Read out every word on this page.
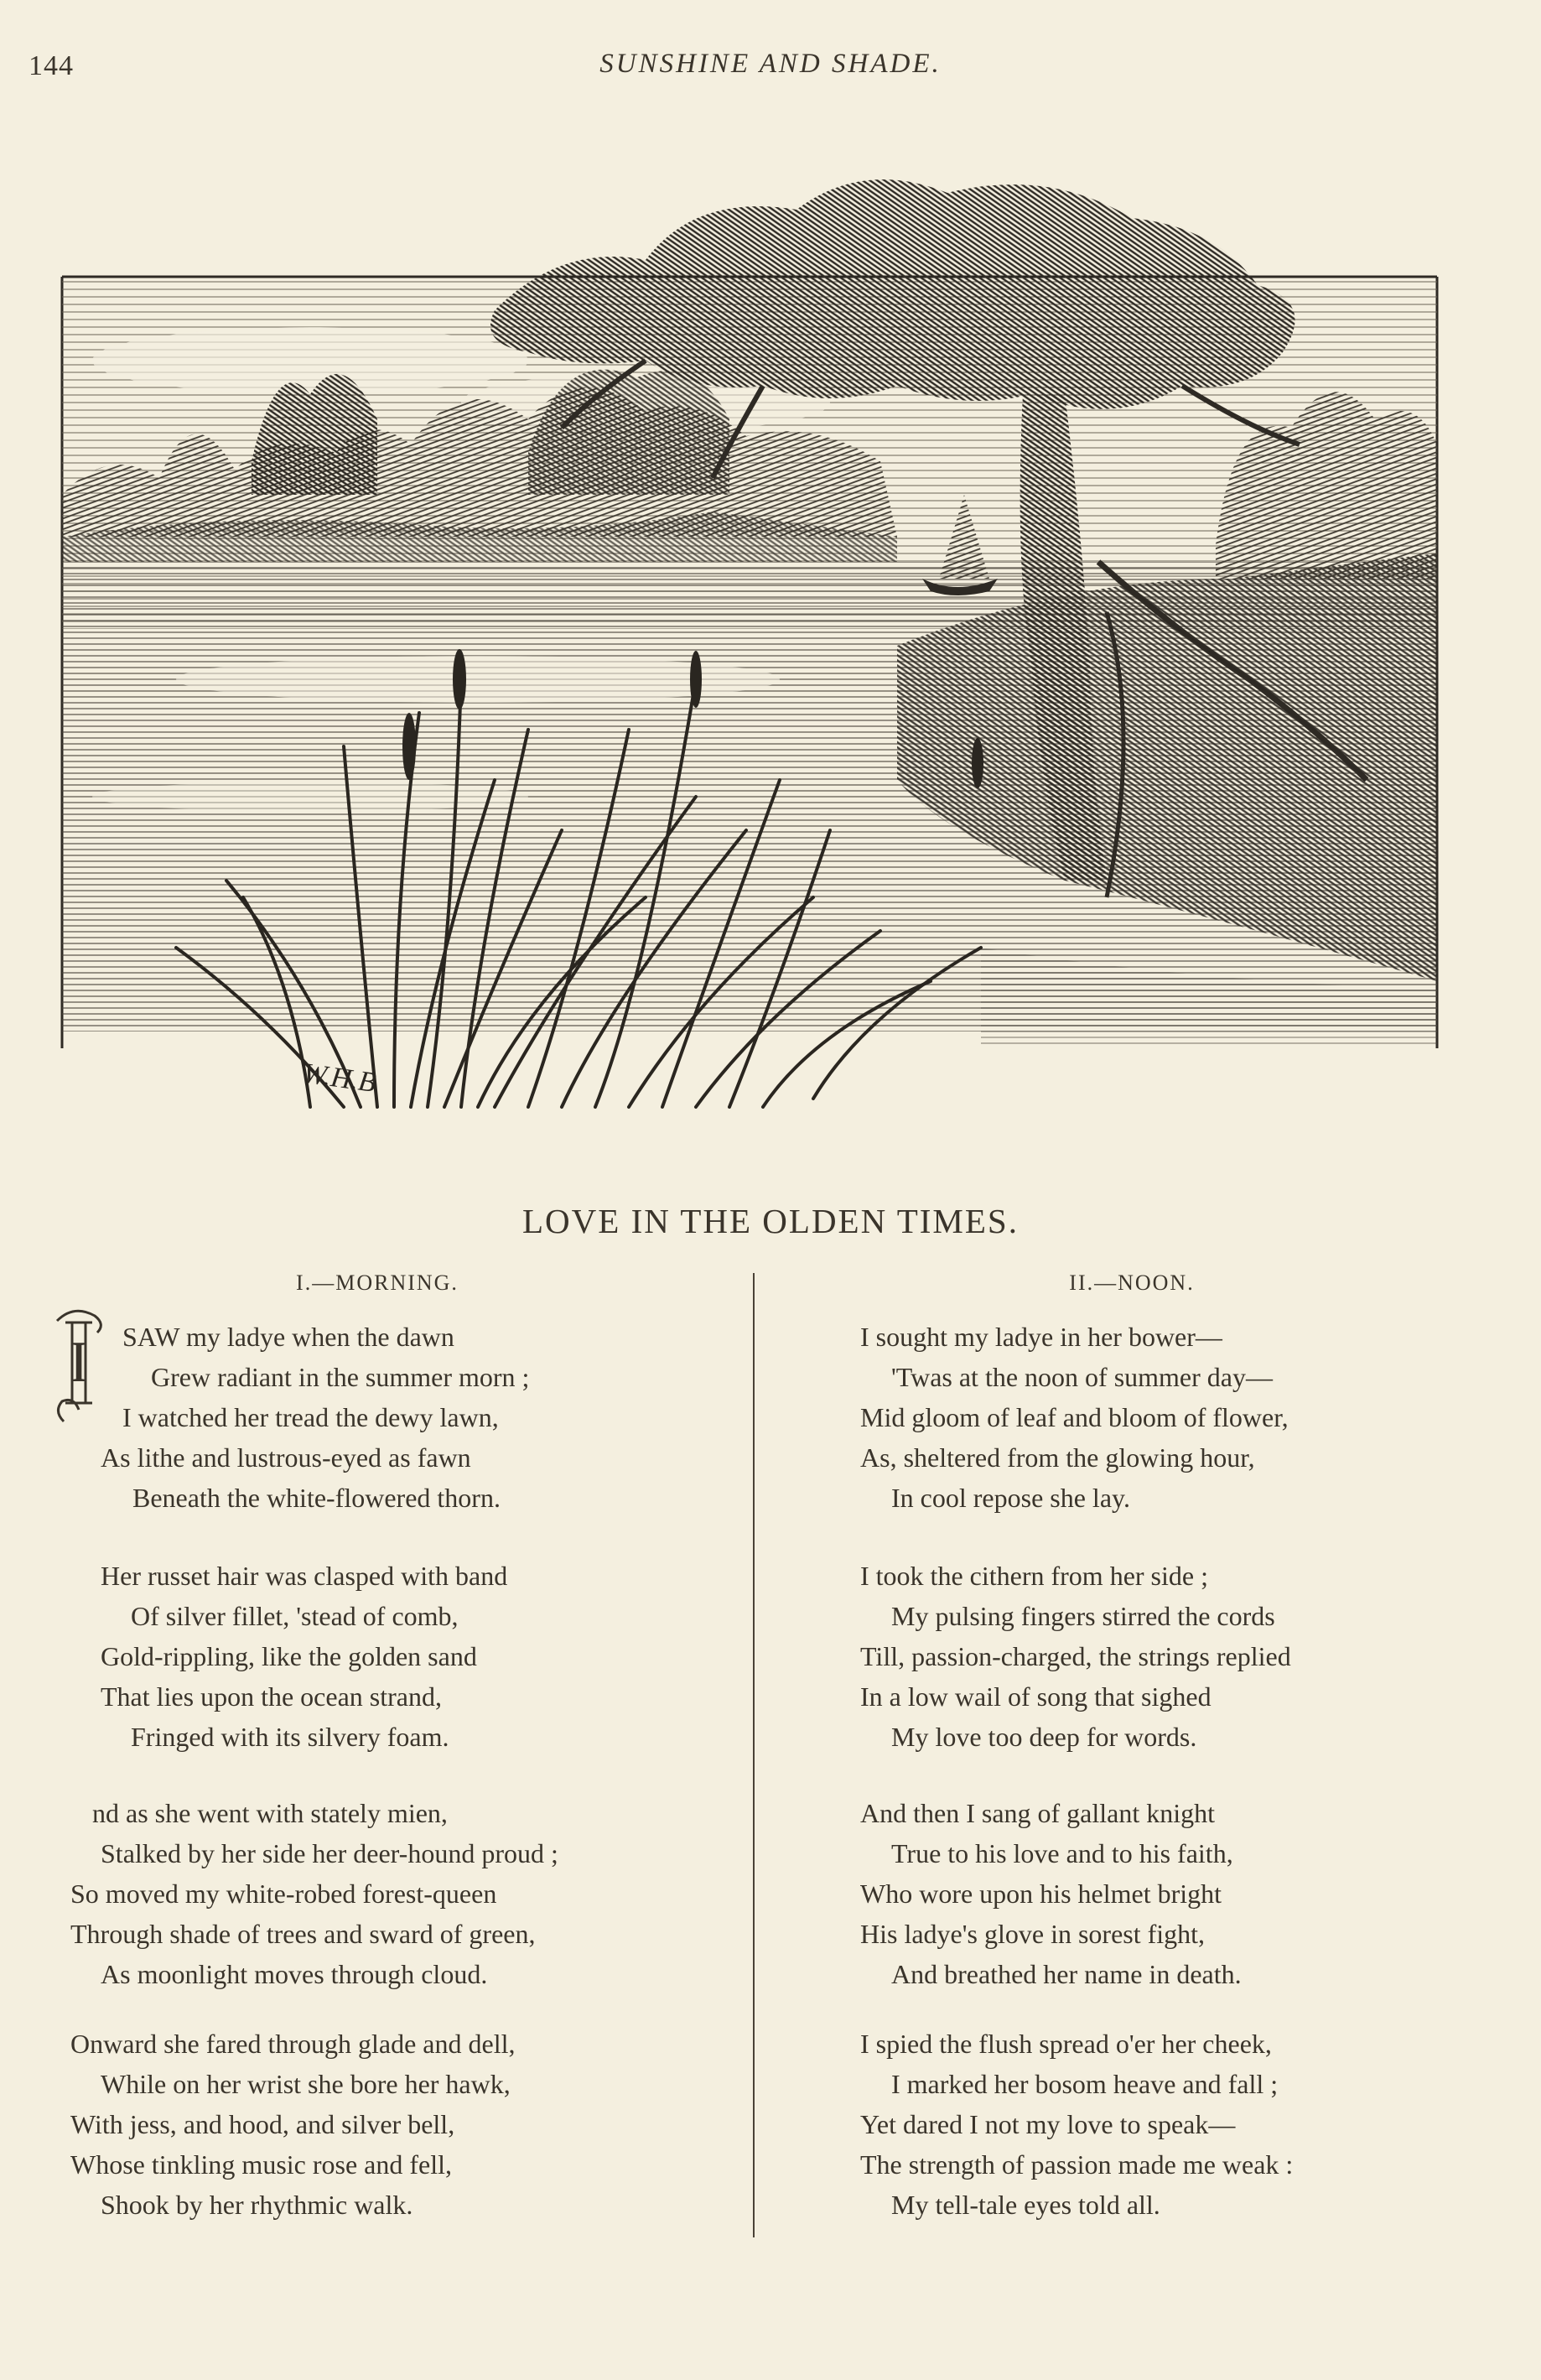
144	SUNSHINE AND SHADE.
W.H.B
LOVE IN THE OLDEN TIMES.
I.—MORNING.	II.—NOON.
I	SAW my ladye when the dawn
Grew radiant in the summer morn ;
I watched her tread the dewy lawn,
As lithe and lustrous-eyed as fawn
Beneath the white-flowered thorn.
Her russet hair was clasped with band
Of silver fillet, 'stead of comb,
Gold-rippling, like the golden sand
That lies upon the ocean strand,
Fringed with its silvery foam.
nd as she went with stately mien,
Stalked by her side her deer-hound proud ;
So moved my white-robed forest-queen
Through shade of trees and sward of green,
As moonlight moves through cloud.
Onward she fared through glade and dell,
While on her wrist she bore her hawk,
With jess, and hood, and silver bell,
Whose tinkling music rose and fell,
Shook by her rhythmic walk.
I sought my ladye in her bower—
'Twas at the noon of summer day—
Mid gloom of leaf and bloom of flower,
As, sheltered from the glowing hour,
In cool repose she lay.
I took the cithern from her side ;
My pulsing fingers stirred the cords
Till, passion-charged, the strings replied
In a low wail of song that sighed
My love too deep for words.
And then I sang of gallant knight
True to his love and to his faith,
Who wore upon his helmet bright
His ladye's glove in sorest fight,
And breathed her name in death.
I spied the flush spread o'er her cheek,
I marked her bosom heave and fall ;
Yet dared I not my love to speak—
The strength of passion made me weak :
My tell-tale eyes told all.
